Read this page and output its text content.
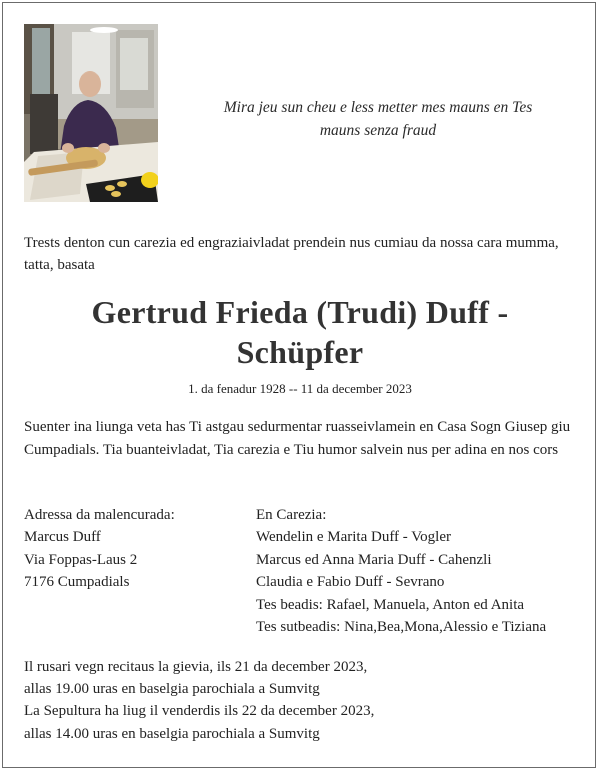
Mira jeu sun cheu e less metter mes mauns en Tes
mauns senza fraud
Trests denton cun carezia ed engraziaivladat prendein nus cumiau da nossa cara mumma, tatta, basata
Gertrud Frieda (Trudi) Duff -
Schüpfer
1. da fenadur 1928 -- 11 da december 2023
Suenter ina liunga veta has Ti astgau sedurmentar ruasseivlamein en Casa Sogn Giusep giu Cumpadials. Tia buanteivladat, Tia carezia e Tiu humor salvein nus per adina en nos cors
Adressa da malencurada:
Marcus Duff
Via Foppas-Laus 2
7176 Cumpadials
En Carezia:
Wendelin e Marita Duff - Vogler
Marcus ed Anna Maria Duff - Cahenzli
Claudia e Fabio Duff - Sevrano
Tes beadis: Rafael, Manuela, Anton ed Anita
Tes sutbeadis: Nina,Bea,Mona,Alessio e Tiziana
Il rusari vegn recitaus la gievia, ils 21 da december 2023,
allas 19.00 uras en baselgia parochiala a Sumvitg
La Sepultura ha liug il venderdis ils 22 da december 2023,
allas 14.00 uras en baselgia parochiala a Sumvitg
